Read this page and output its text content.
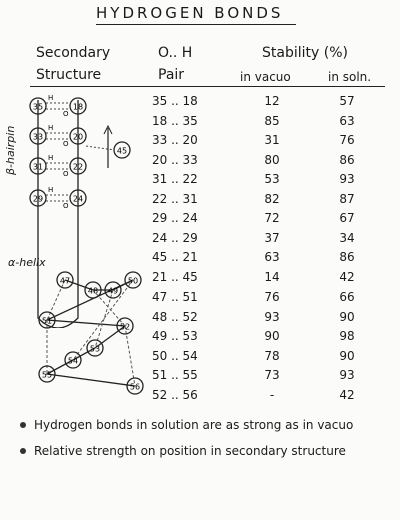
HYDROGEN BONDS
Secondary
Structure
O.. H
Pair
Stability (%)
in vacuo	in soln.
β-hairpin
α-helix
35 .. 18	12	57
18 .. 35	85	63
33 .. 20	31	76
20 .. 33	80	86
31 .. 22	53	93
22 .. 31	82	87
29 .. 24	72	67
24 .. 29	37	34
45 .. 21	63	86
21 .. 45	14	42
47 .. 51	76	66
48 .. 52	93	90
49 .. 53	90	98
50 .. 54	78	90
51 .. 55	73	93
52 .. 56	-	42
35	18
33	20
31	22
29	24
45
H
O
H
O
H
O
H
O
47
48 49
50
51
52
53
54
55
56
Hydrogen bonds in solution are as strong as in vacuo
Relative strength on position in secondary structure
